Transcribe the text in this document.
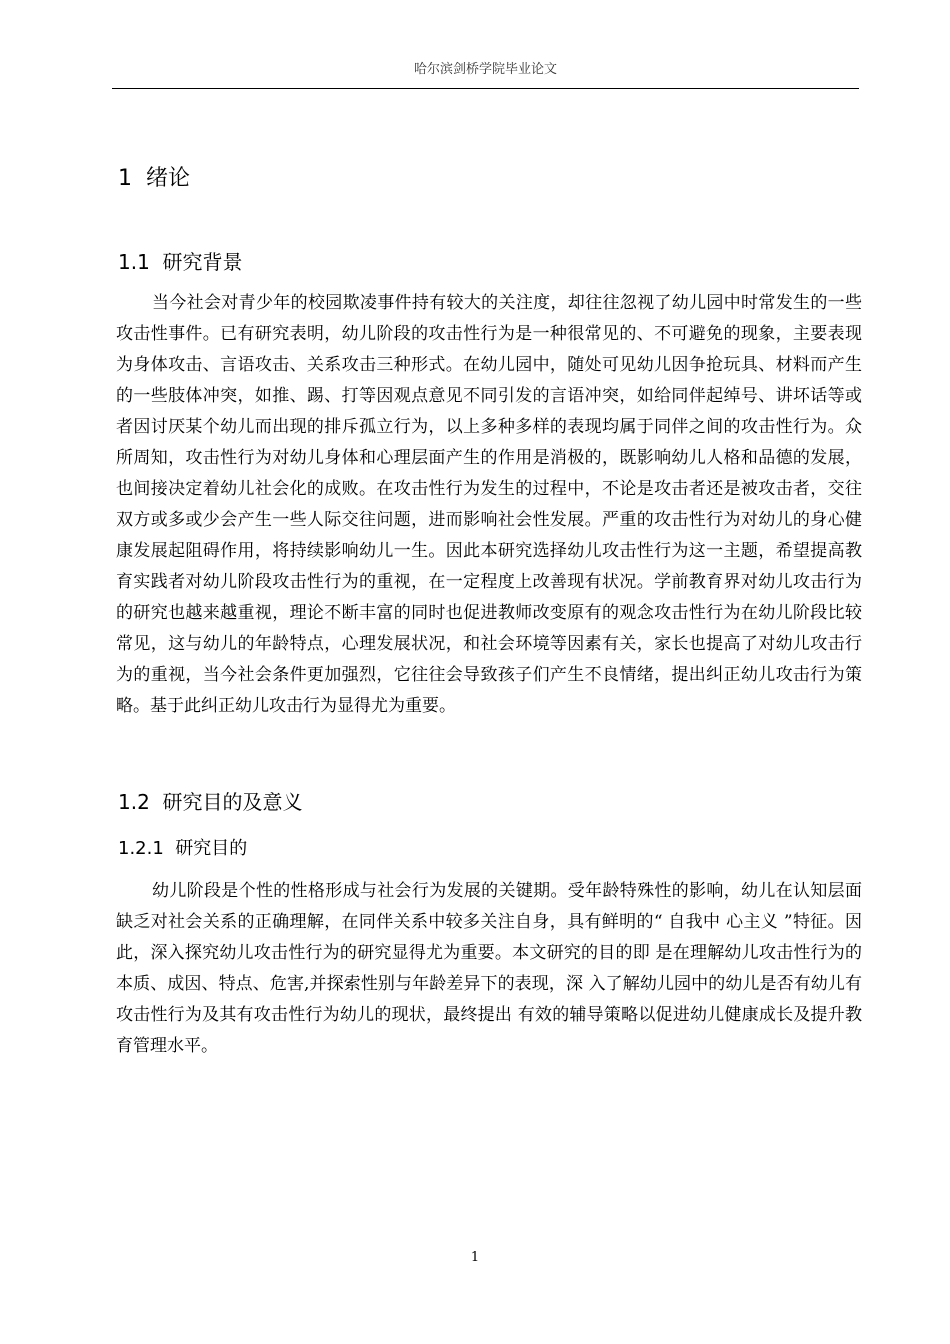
哈尔滨剑桥学院毕业论文
1  绪论
1.1  研究背景

当今社会对青少年的校园欺凌事件持有较大的关注度，却往往忽视了幼儿园中时常发生的一些攻击性事件。已有研究表明，幼儿阶段的攻击性行为是一种很常见的、不可避免的现象，主要表现为身体攻击、言语攻击、关系攻击三种形式。在幼儿园中，随处可见幼儿因争抢玩具、材料而产生的一些肢体冲突，如推、踢、打等因观点意见不同引发的言语冲突，如给同伴起绰号、讲坏话等或者因讨厌某个幼儿而出现的排斥孤立行为，以上多种多样的表现均属于同伴之间的攻击性行为。众所周知，攻击性行为对幼儿身体和心理层面产生的作用是消极的，既影响幼儿人格和品德的发展，也间接决定着幼儿社会化的成败。在攻击性行为发生的过程中，不论是攻击者还是被攻击者，交往双方或多或少会产生一些人际交往问题，进而影响社会性发展。严重的攻击性行为对幼儿的身心健康发展起阻碍作用，将持续影响幼儿一生。因此本研究选择幼儿攻击性行为这一主题，希望提高教育实践者对幼儿阶段攻击性行为的重视，在一定程度上改善现有状况。学前教育界对幼儿攻击行为的研究也越来越重视，理论不断丰富的同时也促进教师改变原有的观念攻击性行为在幼儿阶段比较常见，这与幼儿的年龄特点，心理发展状况，和社会环境等因素有关，家长也提高了对幼儿攻击行为的重视，当今社会条件更加强烈，它往往会导致孩子们产生不良情绪，提出纠正幼儿攻击行为策略。基于此纠正幼儿攻击行为显得尤为重要。

1.2  研究目的及意义
1.2.1  研究目的

幼儿阶段是个性的性格形成与社会行为发展的关键期。受年龄特殊性的影响，幼儿在认知层面缺乏对社会关系的正确理解，在同伴关系中较多关注自身，具有鲜明的“ 自我中 心主义 ”特征。因此，深入探究幼儿攻击性行为的研究显得尤为重要。本文研究的目的即 是在理解幼儿攻击性行为的本质、成因、特点、危害,并探索性别与年龄差异下的表现，深 入了解幼儿园中的幼儿是否有幼儿有攻击性行为及其有攻击性行为幼儿的现状，最终提出 有效的辅导策略以促进幼儿健康成长及提升教育管理水平。

1
